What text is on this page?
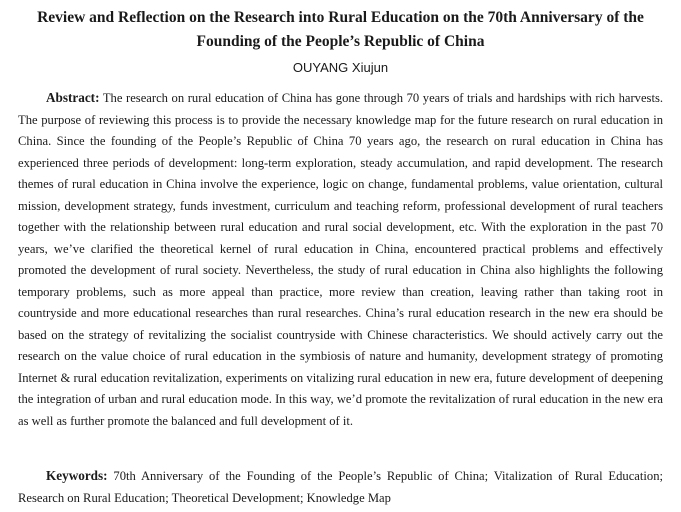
Review and Reflection on the Research into Rural Education on the 70th Anniversary of the
Founding of the People’s Republic of China

OUYANG Xiujun

Abstract: The research on rural education of China has gone through 70 years of trials and hardships with rich harvests. The purpose of reviewing this process is to provide the necessary knowledge map for the future research on rural education in China. Since the founding of the People’s Republic of China 70 years ago, the research on rural education in China has experienced three periods of development: long-term exploration, steady accumulation, and rapid development. The research themes of rural education in China involve the experience, logic on change, fundamental problems, value orientation, cultural mission, development strategy, funds investment, curriculum and teaching reform, professional development of rural teachers together with the relationship between rural education and rural social development, etc. With the exploration in the past 70 years, we’ve clarified the theoretical kernel of rural education in China, encountered practical problems and effectively promoted the development of rural society. Nevertheless, the study of rural education in China also highlights the following temporary problems, such as more appeal than practice, more review than creation, leaving rather than taking root in countryside and more educational researches than rural researches. China’s rural education research in the new era should be based on the strategy of revitalizing the socialist countryside with Chinese characteristics. We should actively carry out the research on the value choice of rural education in the symbiosis of nature and humanity, development strategy of promoting Internet & rural education revitalization, experiments on vitalizing rural education in new era, future development of deepening the integration of urban and rural education mode. In this way, we’d promote the revitalization of rural education in the new era as well as further promote the balanced and full development of it.

Keywords: 70th Anniversary of the Founding of the People’s Republic of China; Vitalization of Rural Education; Research on Rural Education; Theoretical Development; Knowledge Map
